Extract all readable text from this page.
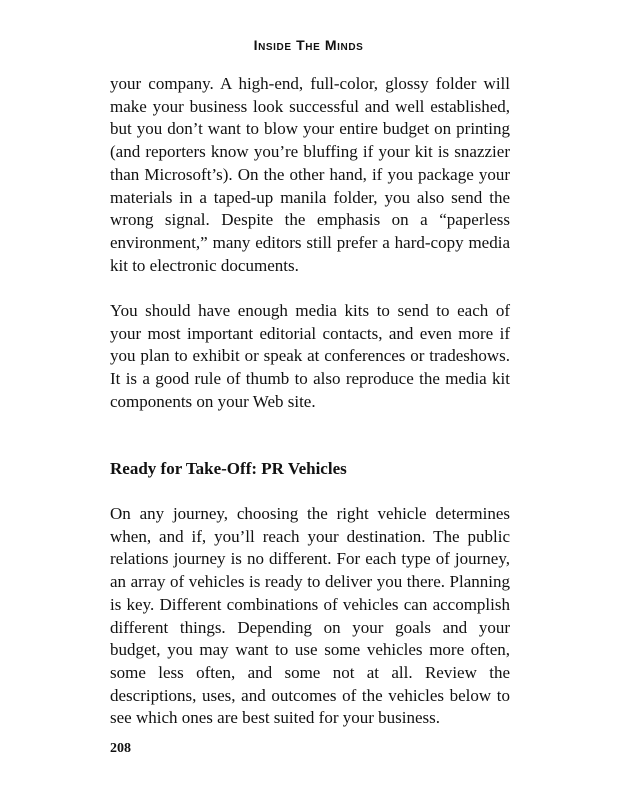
Inside The Minds

your company. A high-end, full-color, glossy folder will make your business look successful and well established, but you don’t want to blow your entire budget on printing (and reporters know you’re bluffing if your kit is snazzier than Microsoft’s). On the other hand, if you package your materials in a taped-up manila folder, you also send the wrong signal. Despite the emphasis on a “paperless environment,” many editors still prefer a hard-copy media kit to electronic documents.

You should have enough media kits to send to each of your most important editorial contacts, and even more if you plan to exhibit or speak at conferences or tradeshows. It is a good rule of thumb to also reproduce the media kit components on your Web site.

Ready for Take-Off: PR Vehicles

On any journey, choosing the right vehicle determines when, and if, you’ll reach your destination. The public relations journey is no different. For each type of journey, an array of vehicles is ready to deliver you there. Planning is key. Different combinations of vehicles can accomplish different things. Depending on your goals and your budget, you may want to use some vehicles more often, some less often, and some not at all. Review the descriptions, uses, and outcomes of the vehicles below to see which ones are best suited for your business.

208
